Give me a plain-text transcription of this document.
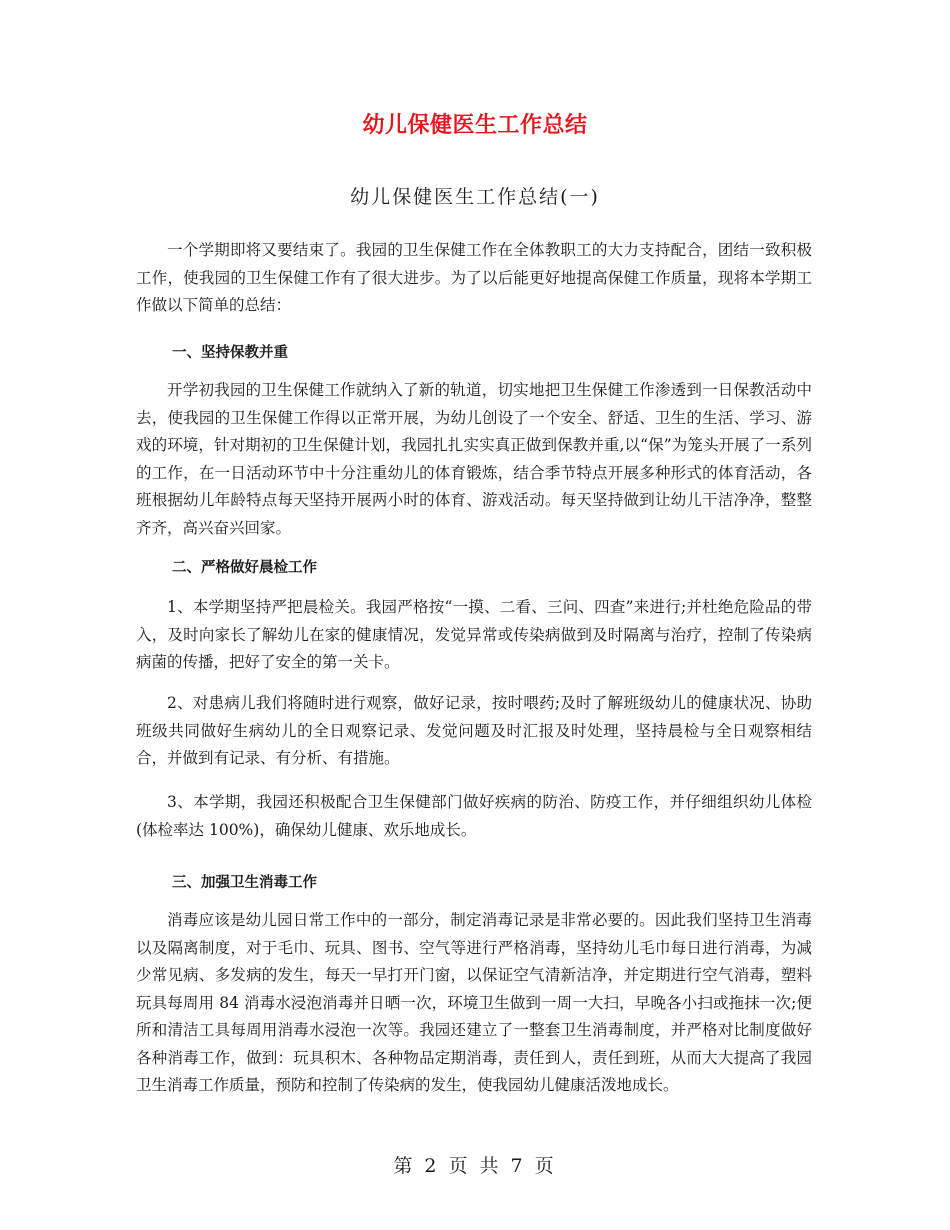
幼儿保健医生工作总结
幼儿保健医生工作总结(一)

一个学期即将又要结束了。我园的卫生保健工作在全体教职工的大力支持配合，团结一致积极工作，使我园的卫生保健工作有了很大进步。为了以后能更好地提高保健工作质量，现将本学期工作做以下简单的总结：

一、坚持保教并重

开学初我园的卫生保健工作就纳入了新的轨道，切实地把卫生保健工作渗透到一日保教活动中去，使我园的卫生保健工作得以正常开展，为幼儿创设了一个安全、舒适、卫生的生活、学习、游戏的环境，针对期初的卫生保健计划，我园扎扎实实真正做到保教并重,以“保”为笼头开展了一系列的工作，在一日活动环节中十分注重幼儿的体育锻炼，结合季节特点开展多种形式的体育活动，各班根据幼儿年龄特点每天坚持开展两小时的体育、游戏活动。每天坚持做到让幼儿干洁净净，整整齐齐，高兴奋兴回家。

二、严格做好晨检工作

1、本学期坚持严把晨检关。我园严格按“一摸、二看、三问、四查”来进行;并杜绝危险品的带入，及时向家长了解幼儿在家的健康情况，发觉异常或传染病做到及时隔离与治疗，控制了传染病病菌的传播，把好了安全的第一关卡。

2、对患病儿我们将随时进行观察，做好记录，按时喂药;及时了解班级幼儿的健康状况、协助班级共同做好生病幼儿的全日观察记录、发觉问题及时汇报及时处理，坚持晨检与全日观察相结合，并做到有记录、有分析、有措施。

3、本学期，我园还积极配合卫生保健部门做好疾病的防治、防疫工作，并仔细组织幼儿体检(体检率达 100%)，确保幼儿健康、欢乐地成长。

三、加强卫生消毒工作

消毒应该是幼儿园日常工作中的一部分，制定消毒记录是非常必要的。因此我们坚持卫生消毒以及隔离制度，对于毛巾、玩具、图书、空气等进行严格消毒，坚持幼儿毛巾每日进行消毒，为减少常见病、多发病的发生，每天一早打开门窗，以保证空气清新洁净，并定期进行空气消毒，塑料玩具每周用 84 消毒水浸泡消毒并日晒一次，环境卫生做到一周一大扫，早晚各小扫或拖抹一次;便所和清洁工具每周用消毒水浸泡一次等。我园还建立了一整套卫生消毒制度，并严格对比制度做好各种消毒工作，做到：玩具积木、各种物品定期消毒，责任到人，责任到班，从而大大提高了我园卫生消毒工作质量，预防和控制了传染病的发生，使我园幼儿健康活泼地成长。

第 2 页 共 7 页
